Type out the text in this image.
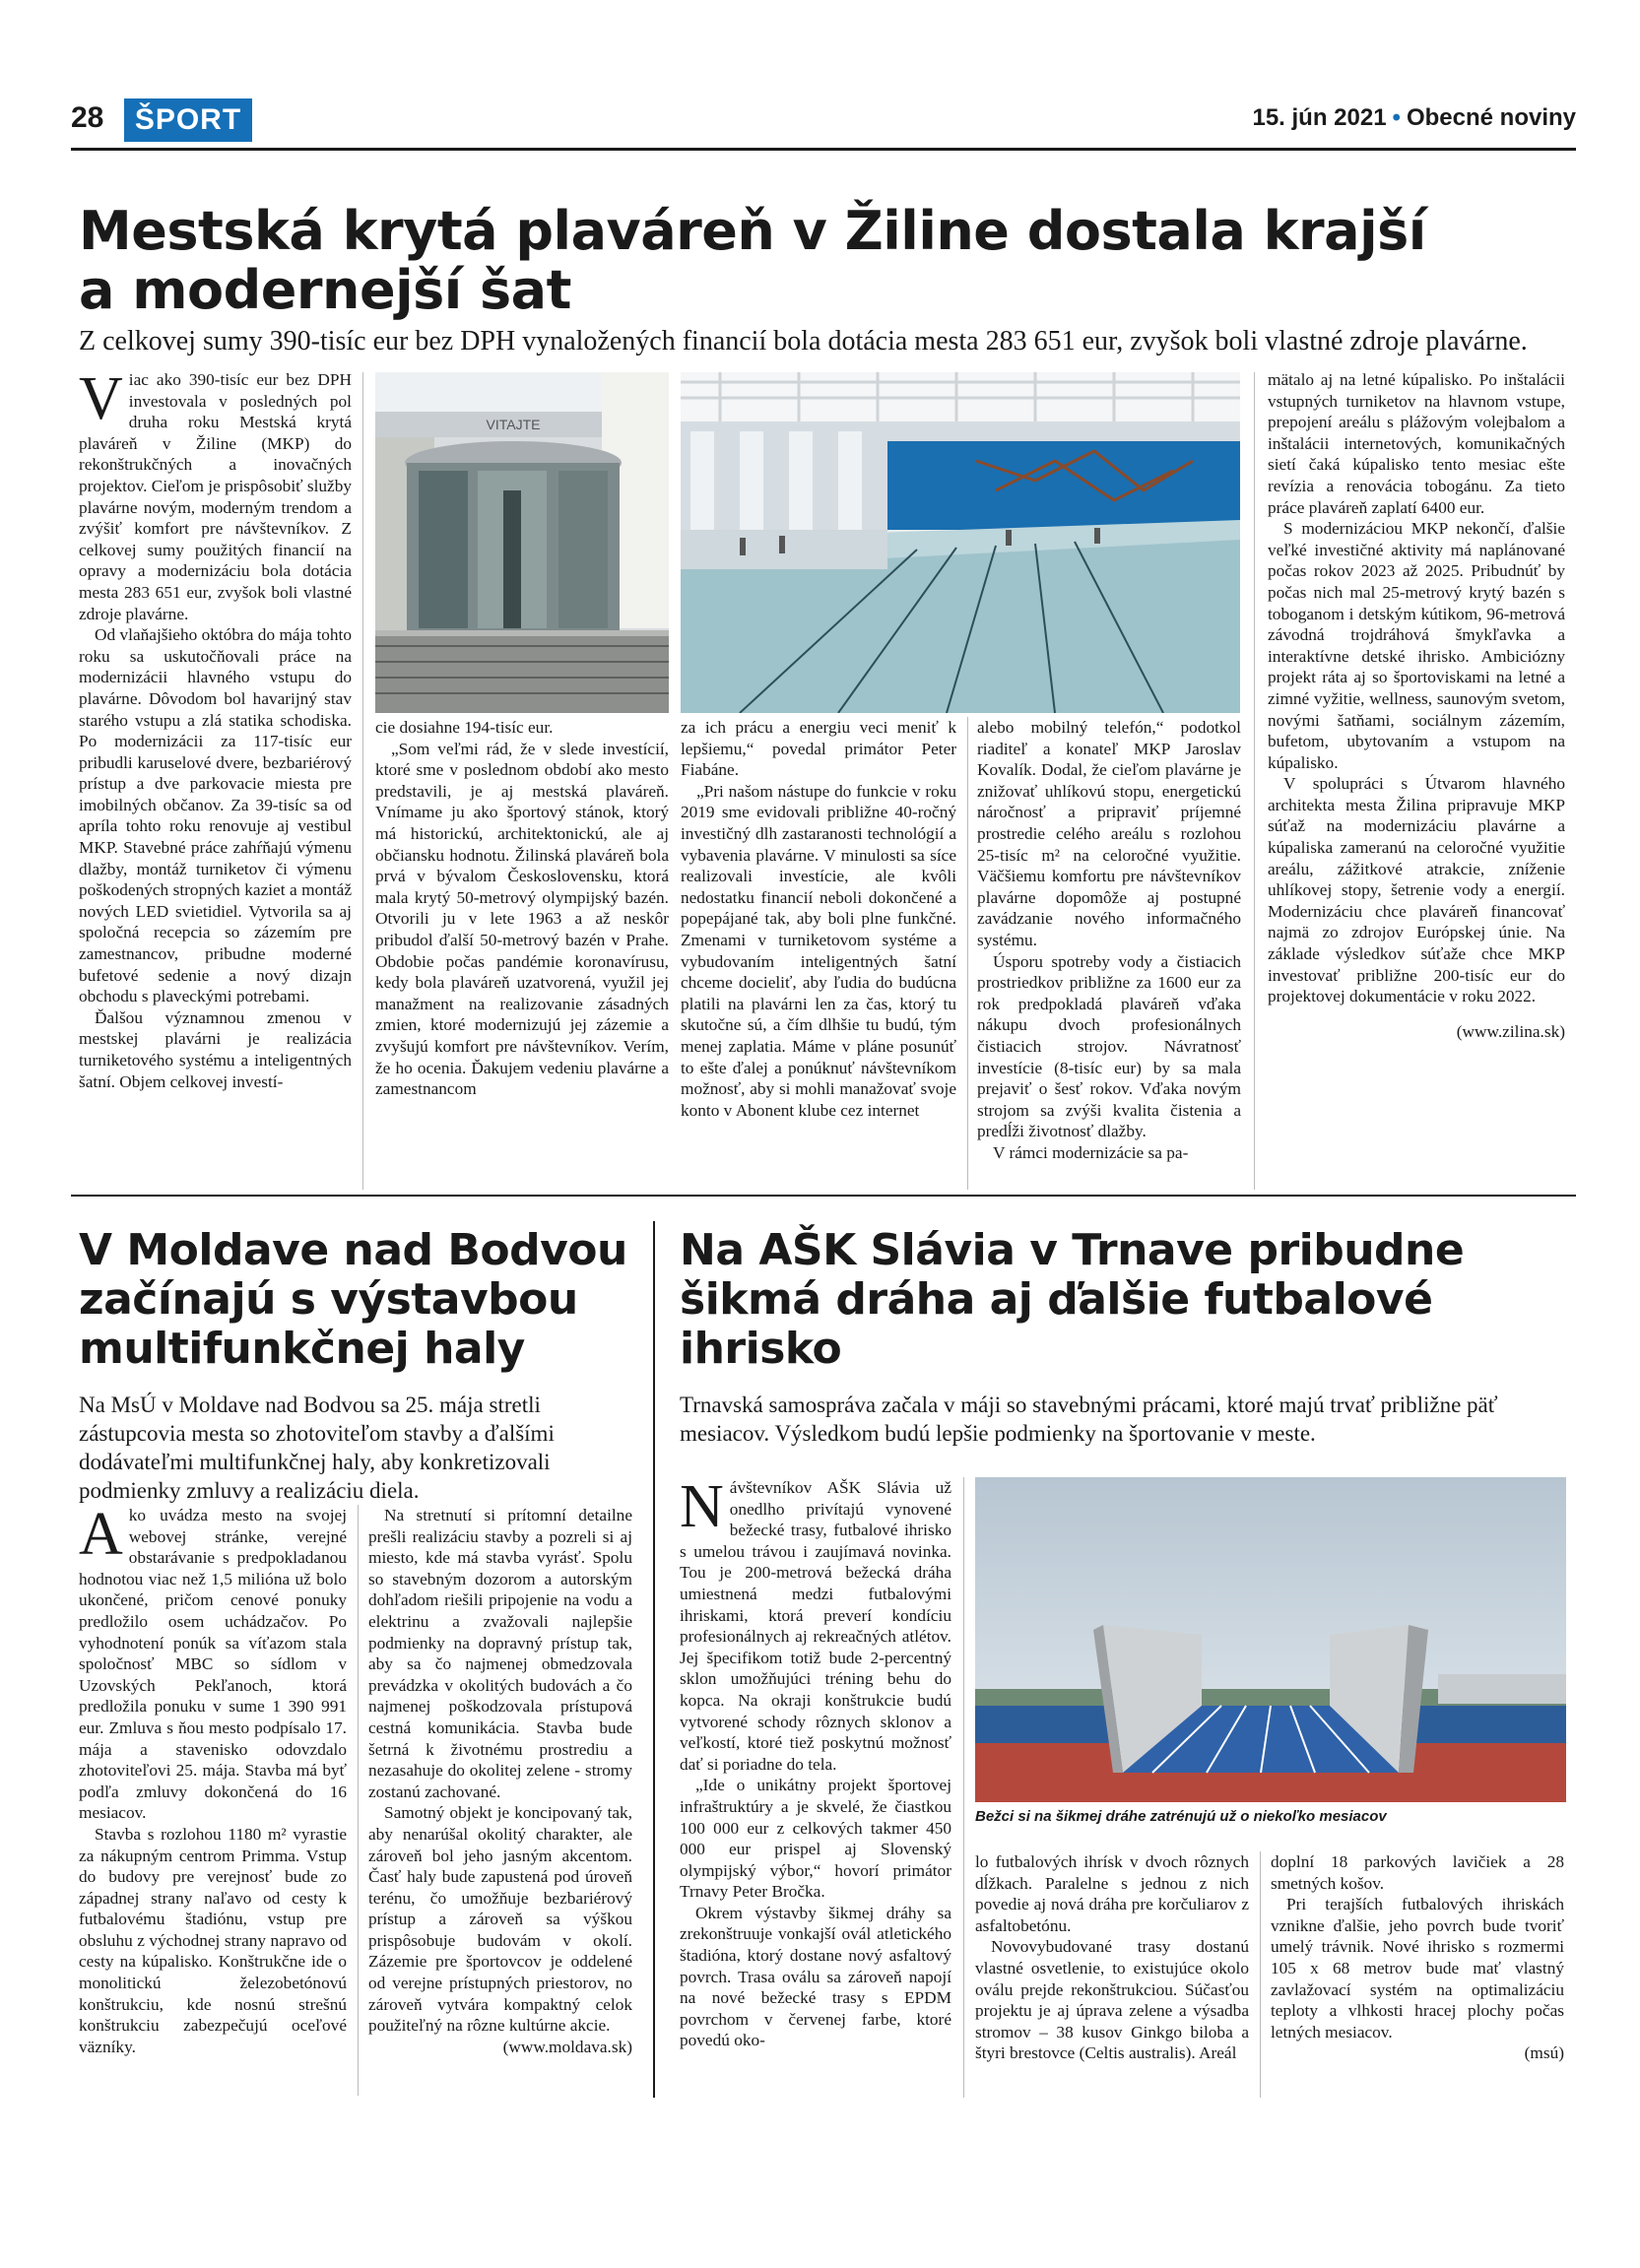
28	ŠPORT	15. jún 2021 • Obecné noviny
Mestská krytá plaváreň v Žiline dostala krajší
a modernejší šat
Z celkovej sumy 390-tisíc eur bez DPH vynaložených financií bola dotácia mesta 283 651 eur, zvyšok boli vlastné zdroje plavárne.

Viac ako 390-tisíc eur bez DPH investovala v posledných pol druha roku Mestská krytá plaváreň v Žiline (MKP) do rekonštrukčných a inovačných projektov. Cieľom je prispôsobiť služby plavárne novým, moderným trendom a zvýšiť komfort pre návštevníkov. Z celkovej sumy použitých financií na opravy a modernizáciu bola dotácia mesta 283 651 eur, zvyšok boli vlastné zdroje plavárne.

Od vlaňajšieho októbra do mája tohto roku sa uskutočňovali práce na modernizácii hlavného vstupu do plavárne. Dôvodom bol havarijný stav starého vstupu a zlá statika schodiska. Po modernizácii za 117-tisíc eur pribudli karuselové dvere, bezbariérový prístup a dve parkovacie miesta pre imobilných občanov. Za 39-tisíc sa od apríla tohto roku renovuje aj vestibul MKP. Stavebné práce zahŕňajú výmenu dlažby, montáž turniketov či výmenu poškodených stropných kaziet a montáž nových LED svietidiel. Vytvorila sa aj spoločná recepcia so zázemím pre zamestnancov, pribudne moderné bufetové sedenie a nový dizajn obchodu s plaveckými potrebami.

Ďalšou významnou zmenou v mestskej plavárni je realizácia turniketového systému a inteligentných šatní. Objem celkovej investí-

VITAJTE

cie dosiahne 194-tisíc eur.

„Som veľmi rád, že v slede investícií, ktoré sme v poslednom období ako mesto predstavili, je aj mestská plaváreň. Vnímame ju ako športový stánok, ktorý má historickú, architektonickú, ale aj občiansku hodnotu. Žilinská plaváreň bola prvá v bývalom Československu, ktorá mala krytý 50-metrový olympijský bazén. Otvorili ju v lete 1963 a až neskôr pribudol ďalší 50-metrový bazén v Prahe. Obdobie počas pandémie koronavírusu, kedy bola plaváreň uzatvorená, využil jej manažment na realizovanie zásadných zmien, ktoré modernizujú jej zázemie a zvyšujú komfort pre návštevníkov. Verím, že ho ocenia. Ďakujem vedeniu plavárne a zamestnancom

za ich prácu a energiu veci meniť k lepšiemu,“ povedal primátor Peter Fiabáne.

„Pri našom nástupe do funkcie v roku 2019 sme evidovali približne 40-ročný investičný dlh zastaranosti technológií a vybavenia plavárne. V minulosti sa síce realizovali investície, ale kvôli nedostatku financií neboli dokončené a popepájané tak, aby boli plne funkčné. Zmenami v turniketovom systéme a vybudovaním inteligentných šatní chceme docieliť, aby ľudia do budúcna platili na plavárni len za čas, ktorý tu skutočne sú, a čím dlhšie tu budú, tým menej zaplatia. Máme v pláne posunúť to ešte ďalej a ponúknuť návštevníkom možnosť, aby si mohli manažovať svoje konto v Abonent klube cez internet

alebo mobilný telefón,“ podotkol riaditeľ a konateľ MKP Jaroslav Kovalík. Dodal, že cieľom plavárne je znižovať uhlíkovú stopu, energetickú náročnosť a pripraviť príjemné prostredie celého areálu s rozlohou 25-tisíc m² na celoročné využitie. Väčšiemu komfortu pre návštevníkov plavárne dopomôže aj postupné zavádzanie nového informačného systému.

Úsporu spotreby vody a čistiacich prostriedkov približne za 1600 eur za rok predpokladá plaváreň vďaka nákupu dvoch profesionálnych čistiacich strojov. Návratnosť investície (8-tisíc eur) by sa mala prejaviť o šesť rokov. Vďaka novým strojom sa zvýši kvalita čistenia a predĺži životnosť dlažby.

V rámci modernizácie sa pa-

mätalo aj na letné kúpalisko. Po inštalácii vstupných turniketov na hlavnom vstupe, prepojení areálu s plážovým volejbalom a inštalácii internetových, komunikačných sietí čaká kúpalisko tento mesiac ešte revízia a renovácia tobogánu. Za tieto práce plaváreň zaplatí 6400 eur.

S modernizáciou MKP nekončí, ďalšie veľké investičné aktivity má naplánované počas rokov 2023 až 2025. Pribudnúť by počas nich mal 25-metrový krytý bazén s toboganom i detským kútikom, 96-metrová závodná trojdráhová šmykľavka a interaktívne detské ihrisko. Ambiciózny projekt ráta aj so športoviskami na letné a zimné vyžitie, wellness, saunovým svetom, novými šatňami, sociálnym zázemím, bufetom, ubytovaním a vstupom na kúpalisko.

V spolupráci s Útvarom hlavného architekta mesta Žilina pripravuje MKP súťaž na modernizáciu plavárne a kúpaliska zameranú na celoročné využitie areálu, zážitkové atrakcie, zníženie uhlíkovej stopy, šetrenie vody a energií. Modernizáciu chce plaváreň financovať najmä zo zdrojov Európskej únie. Na základe výsledkov súťaže chce MKP investovať približne 200-tisíc eur do projektovej dokumentácie v roku 2022.

(www.zilina.sk)

V Moldave nad Bodvou
začínajú s výstavbou
multifunkčnej haly
Na MsÚ v Moldave nad Bodvou sa 25. mája stretli zástupcovia mesta so zhotoviteľom stavby a ďalšími dodávateľmi multifunkčnej haly, aby konkretizovali podmienky zmluvy a realizáciu diela.

Ako uvádza mesto na svojej webovej stránke, verejné obstarávanie s predpokladanou hodnotou viac než 1,5 milióna už bolo ukončené, pričom cenové ponuky predložilo osem uchádzačov. Po vyhodnotení ponúk sa víťazom stala spoločnosť MBC so sídlom v Uzovských Pekľanoch, ktorá predložila ponuku v sume 1 390 991 eur. Zmluva s ňou mesto podpísalo 17. mája a stavenisko odovzdalo zhotoviteľovi 25. mája. Stavba má byť podľa zmluvy dokončená do 16 mesiacov.

Stavba s rozlohou 1180 m² vyrastie za nákupným centrom Primma. Vstup do budovy pre verejnosť bude zo západnej strany naľavo od cesty k futbalovému štadiónu, vstup pre obsluhu z východnej strany napravo od cesty na kúpalisko. Konštrukčne ide o monolitickú železobetónovú konštrukciu, kde nosnú strešnú konštrukciu zabezpečujú oceľové väzníky.

Na stretnutí si prítomní detailne prešli realizáciu stavby a pozreli si aj miesto, kde má stavba vyrásť. Spolu so stavebným dozorom a autorským dohľadom riešili pripojenie na vodu a elektrinu a zvažovali najlepšie podmienky na dopravný prístup tak, aby sa čo najmenej obmedzovala prevádzka v okolitých budovách a čo najmenej poškodzovala prístupová cestná komunikácia. Stavba bude šetrná k životnému prostrediu a nezasahuje do okolitej zelene - stromy zostanú zachované.

Samotný objekt je koncipovaný tak, aby nenarúšal okolitý charakter, ale zároveň bol jeho jasným akcentom. Časť haly bude zapustená pod úroveň terénu, čo umožňuje bezbariérový prístup a zároveň sa výškou prispôsobuje budovám v okolí. Zázemie pre športovcov je oddelené od verejne prístupných priestorov, no zároveň vytvára kompaktný celok použiteľný na rôzne kultúrne akcie.

(www.moldava.sk)

Na AŠK Slávia v Trnave pribudne
šikmá dráha aj ďalšie futbalové
ihrisko
Trnavská samospráva začala v máji so stavebnými prácami, ktoré majú trvať približne päť mesiacov. Výsledkom budú lepšie podmienky na športovanie v meste.

Návštevníkov AŠK Slávia už onedlho privítajú vynovené bežecké trasy, futbalové ihrisko s umelou trávou i zaujímavá novinka. Tou je 200-metrová bežecká dráha umiestnená medzi futbalovými ihriskami, ktorá preverí kondíciu profesionálnych aj rekreačných atlétov. Jej špecifikom totiž bude 2-percentný sklon umožňujúci tréning behu do kopca. Na okraji konštrukcie budú vytvorené schody rôznych sklonov a veľkostí, ktoré tiež poskytnú možnosť dať si poriadne do tela.

„Ide o unikátny projekt športovej infraštruktúry a je skvelé, že čiastkou 100 000 eur z celkových takmer 450 000 eur prispel aj Slovenský olympijský výbor,“ hovorí primátor Trnavy Peter Bročka.

Okrem výstavby šikmej dráhy sa zrekonštruuje vonkajší ovál atletického štadióna, ktorý dostane nový asfaltový povrch. Trasa oválu sa zároveň napojí na nové bežecké trasy s EPDM povrchom v červenej farbe, ktoré povedú oko-

Bežci si na šikmej dráhe zatrénujú už o niekoľko mesiacov

lo futbalových ihrísk v dvoch rôznych dĺžkach. Paralelne s jednou z nich povedie aj nová dráha pre korčuliarov z asfaltobetónu.

Novovybudované trasy dostanú vlastné osvetlenie, to existujúce okolo oválu prejde rekonštrukciou. Súčasťou projektu je aj úprava zelene a výsadba stromov – 38 kusov Ginkgo biloba a štyri brestovce (Celtis australis). Areál

doplní 18 parkových lavičiek a 28 smetných košov.

Pri terajších futbalových ihriskách vznikne ďalšie, jeho povrch bude tvoriť umelý trávnik. Nové ihrisko s rozmermi 105 x 68 metrov bude mať vlastný zavlažovací systém na optimalizáciu teploty a vlhkosti hracej plochy počas letných mesiacov.

(msú)
